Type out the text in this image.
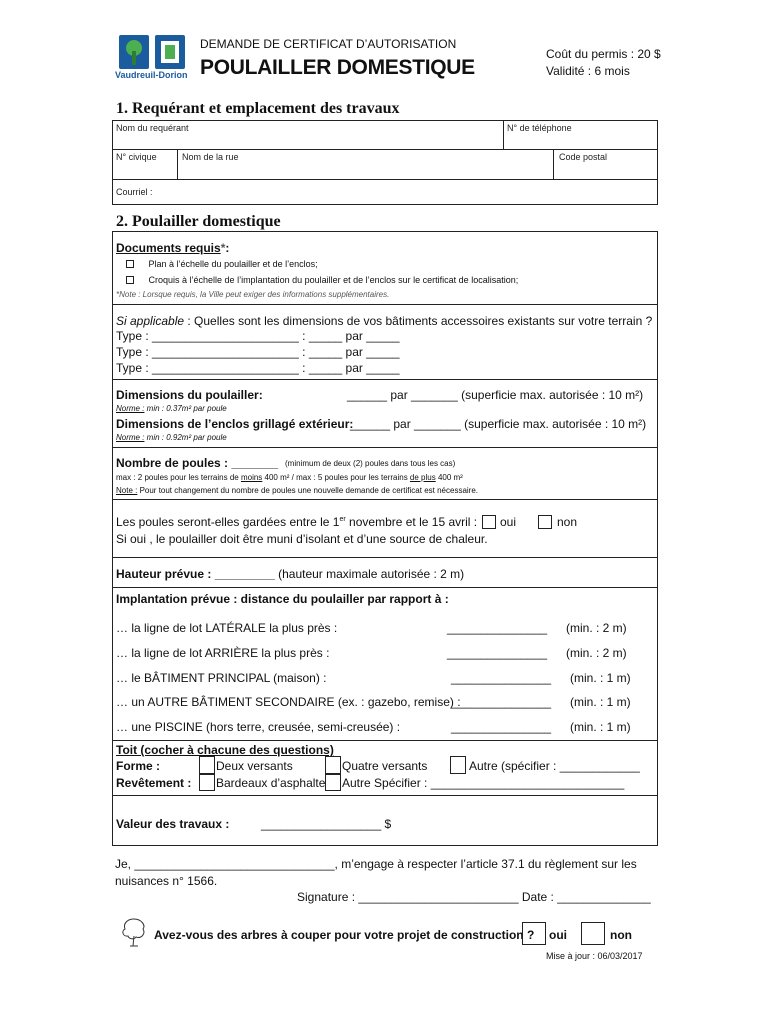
Vaudreuil-Dorion
DEMANDE DE CERTIFICAT D’AUTORISATION
POULAILLER DOMESTIQUE
Coût du permis : 20 $
Validité : 6 mois
1. Requérant et emplacement des travaux
Nom du requérant	N° de téléphone
N° civique	Nom de la rue	Code postal
Courriel :
2. Poulailler domestique
Documents requis*:
Plan à l’échelle du poulailler et de l’enclos;
Croquis à l’échelle de l’implantation du poulailler et de l’enclos sur le certificat de localisation;
*Note : Lorsque requis, la Ville peut exiger des informations supplémentaires.
Si applicable : Quelles sont les dimensions de vos bâtiments accessoires existants sur votre terrain ?
Type : ______________________ : _____ par _____
Type : ______________________ : _____ par _____
Type : ______________________ : _____ par _____
Dimensions du poulailler:	______ par _______ (superficie max. autorisée : 10 m²)
Norme : min : 0.37m² par poule
Dimensions de l’enclos grillagé extérieur:
______ par _______ (superficie max. autorisée : 10 m²)
Norme : min : 0.92m² par poule
Nombre de poules : _______ (minimum de deux (2) poules dans tous les cas)
max : 2 poules pour les terrains de moins 400 m² / max : 5 poules pour les terrains de plus 400 m²
Note : Pour tout changement du nombre de poules une nouvelle demande de certificat est nécessaire.
Les poules seront-elles gardées entre le 1er novembre et le 15 avril : oui	non
Si oui , le poulailler doit être muni d’isolant et d’une source de chaleur.
Hauteur prévue : _________ (hauteur maximale autorisée : 2 m)
Implantation prévue : distance du poulailler par rapport à :
… la ligne de lot LATÉRALE la plus près :	_______________ (min. : 2 m)
… la ligne de lot ARRIÈRE la plus près :	_______________ (min. : 2 m)
… le BÂTIMENT PRINCIPAL (maison) :	_______________ (min. : 1 m)
… un AUTRE BÂTIMENT SECONDAIRE (ex. : gazebo, remise) :
_______________ (min. : 1 m)
… une PISCINE (hors terre, creusée, semi-creusée) :	_______________ (min. : 1 m)
Toit (cocher à chacune des questions)
Forme :	Deux versants	Quatre versants	Autre (spécifier : ____________
Revêtement : Bardeaux d’asphalte Autre Spécifier : _____________________________
Valeur des travaux :	__________________ $
Je, ______________________________, m’engage à respecter l’article 37.1 du règlement sur les
nuisances n° 1566.
Signature : ________________________ Date : ______________
Avez-vous des arbres à couper pour votre projet de construction ? oui	non
Mise à jour : 06/03/2017
